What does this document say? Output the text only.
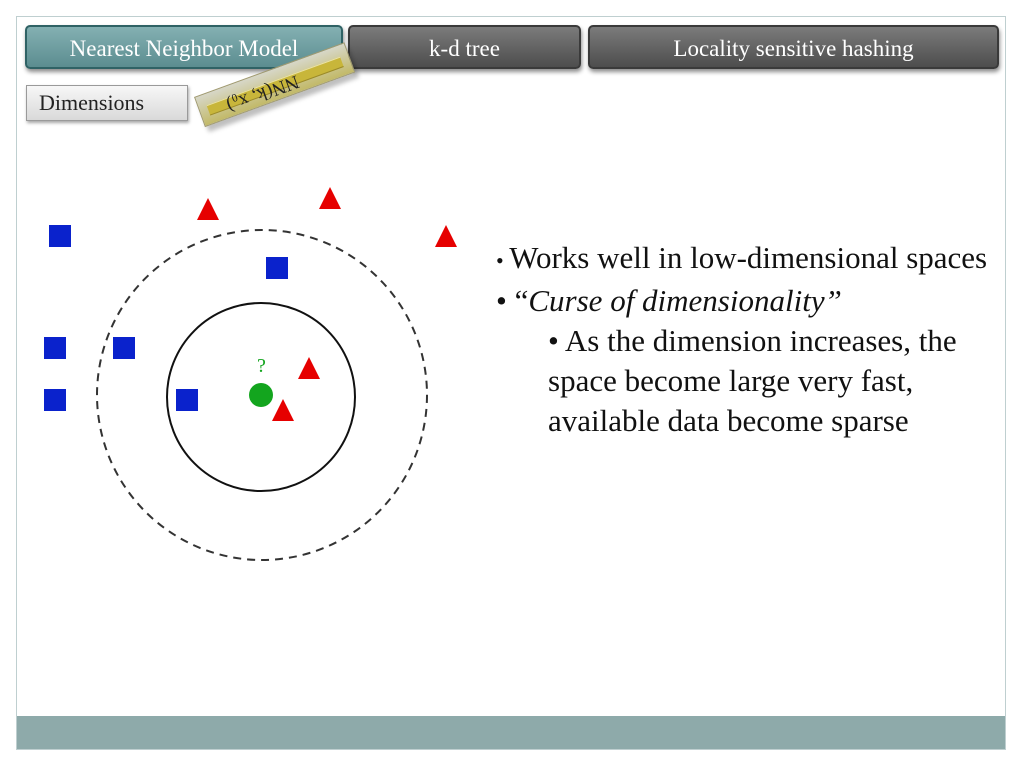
Nearest Neighbor Model	k-d tree	Locality sensitive hashing
Dimensions	NN(k, x₀)
?

• Works well in low-dimensional spaces

• “Curse of dimensionality”

• As the dimension increases, the space become large very fast, available data become sparse
